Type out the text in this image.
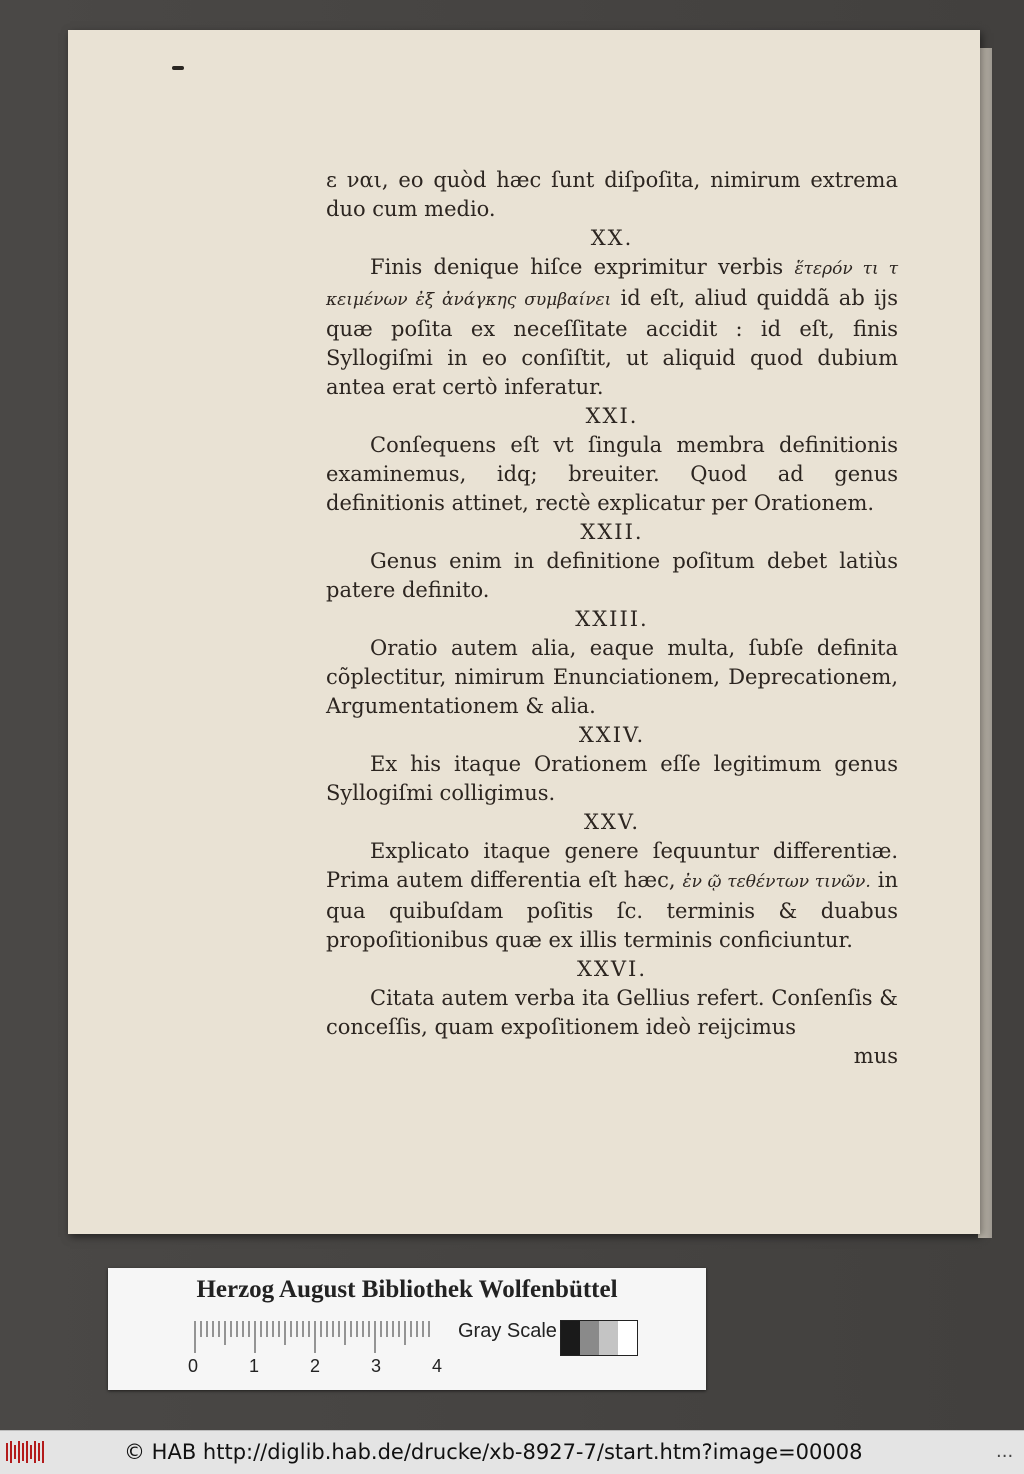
ε ναι, eo quòd hæc ſunt diſpoſita, nimirum extrema duo cum medio.

XX.

Finis denique hiſce exprimitur verbis ἕτερόν τι τ κειμένων ἐξ ἀνάγκης συμβαίνει id eſt, aliud quiddã ab ijs quæ poſita ex neceſſitate accidit : id eſt, finis Syllogiſmi in eo conſiſtit, ut aliquid quod dubium antea erat certò inferatur.

XXI.

Conſequens eſt vt ſingula membra definitionis examinemus, idq; breuiter. Quod ad genus definitionis attinet, rectè explicatur per Orationem.

XXII.

Genus enim in definitione poſitum debet latiùs patere definito.

XXIII.

Oratio autem alia, eaque multa, ſubſe definita cõplectitur, nimirum Enunciationem, Deprecationem, Argumentationem & alia.

XXIV.

Ex his itaque Orationem eſſe legitimum genus Syllogiſmi colligimus.

XXV.

Explicato itaque genere ſequuntur differentiæ. Prima autem differentia eſt hæc, ἐν ῷ τεθέντων τινῶν. in qua quibuſdam poſitis ſc. terminis & duabus propoſitionibus quæ ex illis terminis conficiuntur.

XXVI.

Citata autem verba ita Gellius refert. Conſenſis & conceſſis, quam expoſitionem ideò reijcimus

mus

Herzog August Bibliothek Wolfenbüttel
0	1	2	3	4
Gray Scale
© HAB http://diglib.hab.de/drucke/xb-8927-7/start.htm?image=00008	...
